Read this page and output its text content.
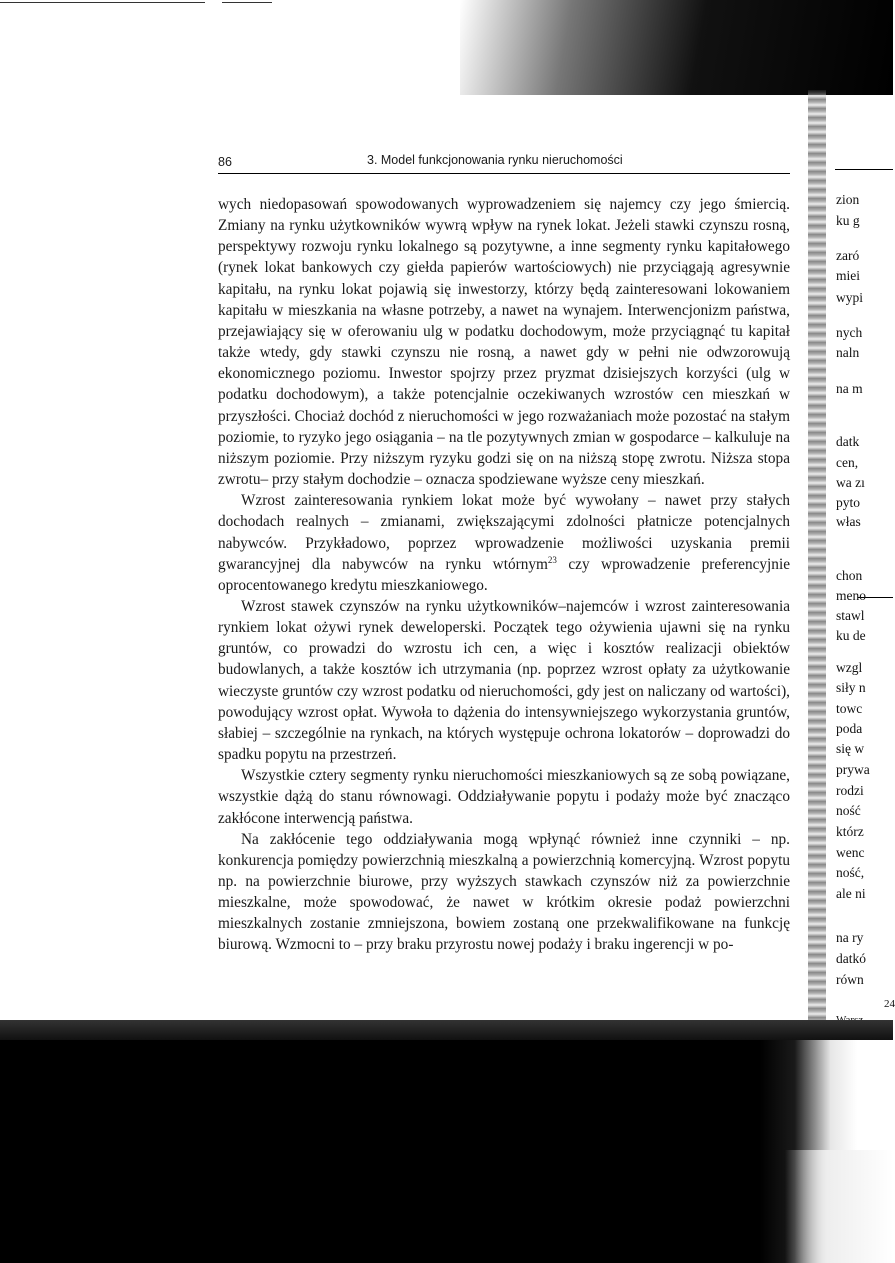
86	3. Model funkcjonowania rynku nieruchomości

wych niedopasowań spowodowanych wyprowadzeniem się najemcy czy jego śmiercią. Zmiany na rynku użytkowników wywrą wpływ na rynek lokat. Jeżeli stawki czynszu rosną, perspektywy rozwoju rynku lokalnego są pozytywne, a inne segmenty rynku kapitałowego (rynek lokat bankowych czy giełda papierów wartościowych) nie przyciągają agresywnie kapitału, na rynku lokat pojawią się inwestorzy, którzy będą zainteresowani lokowaniem kapitału w mieszkania na własne potrzeby, a nawet na wynajem. Interwencjonizm państwa, przejawiający się w oferowaniu ulg w podatku dochodowym, może przyciągnąć tu kapitał także wtedy, gdy stawki czynszu nie rosną, a nawet gdy w pełni nie odwzorowują ekonomicznego poziomu. Inwestor spojrzy przez pryzmat dzisiejszych korzyści (ulg w podatku dochodowym), a także potencjalnie oczekiwanych wzrostów cen mieszkań w przyszłości. Chociaż dochód z nieruchomości w jego rozważaniach może pozostać na stałym poziomie, to ryzyko jego osiągania – na tle pozytywnych zmian w gospodarce – kalkuluje na niższym poziomie. Przy niższym ryzyku godzi się on na niższą stopę zwrotu. Niższa stopa zwrotu– przy stałym dochodzie – oznacza spodziewane wyższe ceny mieszkań.

Wzrost zainteresowania rynkiem lokat może być wywołany – nawet przy stałych dochodach realnych – zmianami, zwiększającymi zdolności płatnicze potencjalnych nabywców. Przykładowo, poprzez wprowadzenie możliwości uzyskania premii gwarancyjnej dla nabywców na rynku wtórnym$^{23}$ czy wprowadzenie preferencyjnie oprocentowanego kredytu mieszkaniowego.

Wzrost stawek czynszów na rynku użytkowników–najemców i wzrost zainteresowania rynkiem lokat ożywi rynek deweloperski. Początek tego ożywienia ujawni się na rynku gruntów, co prowadzi do wzrostu ich cen, a więc i kosztów realizacji obiektów budowlanych, a także kosztów ich utrzymania (np. poprzez wzrost opłaty za użytkowanie wieczyste gruntów czy wzrost podatku od nieruchomości, gdy jest on naliczany od wartości), powodujący wzrost opłat. Wywoła to dążenia do intensywniejszego wykorzystania gruntów, słabiej – szczególnie na rynkach, na których występuje ochrona lokatorów – doprowadzi do spadku popytu na przestrzeń.

Wszystkie cztery segmenty rynku nieruchomości mieszkaniowych są ze sobą powiązane, wszystkie dążą do stanu równowagi. Oddziaływanie popytu i podaży może być znacząco zakłócone interwencją państwa.

Na zakłócenie tego oddziaływania mogą wpłynąć również inne czynniki – np. konkurencja pomiędzy powierzchnią mieszkalną a powierzchnią komercyjną. Wzrost popytu np. na powierzchnie biurowe, przy wyższych stawkach czynszów niż za powierzchnie mieszkalne, może spowodować, że nawet w krótkim okresie podaż powierzchni mieszkalnych zostanie zmniejszona, bowiem zostaną one przekwalifikowane na funkcję biurową. Wzmocni to – przy braku przyrostu nowej podaży i braku ingerencji w po-

zion
ku g
zaró
miei
wypi
nych
naln
na m
datk
cen,
wa zı
pyto
włas
chon
meno
stawl
ku de
wzgl
siły n
towc
poda
się w
prywa
rodzi
ność
którz
wenc
ność,
ale ni
na ry
datkó
równ
24
